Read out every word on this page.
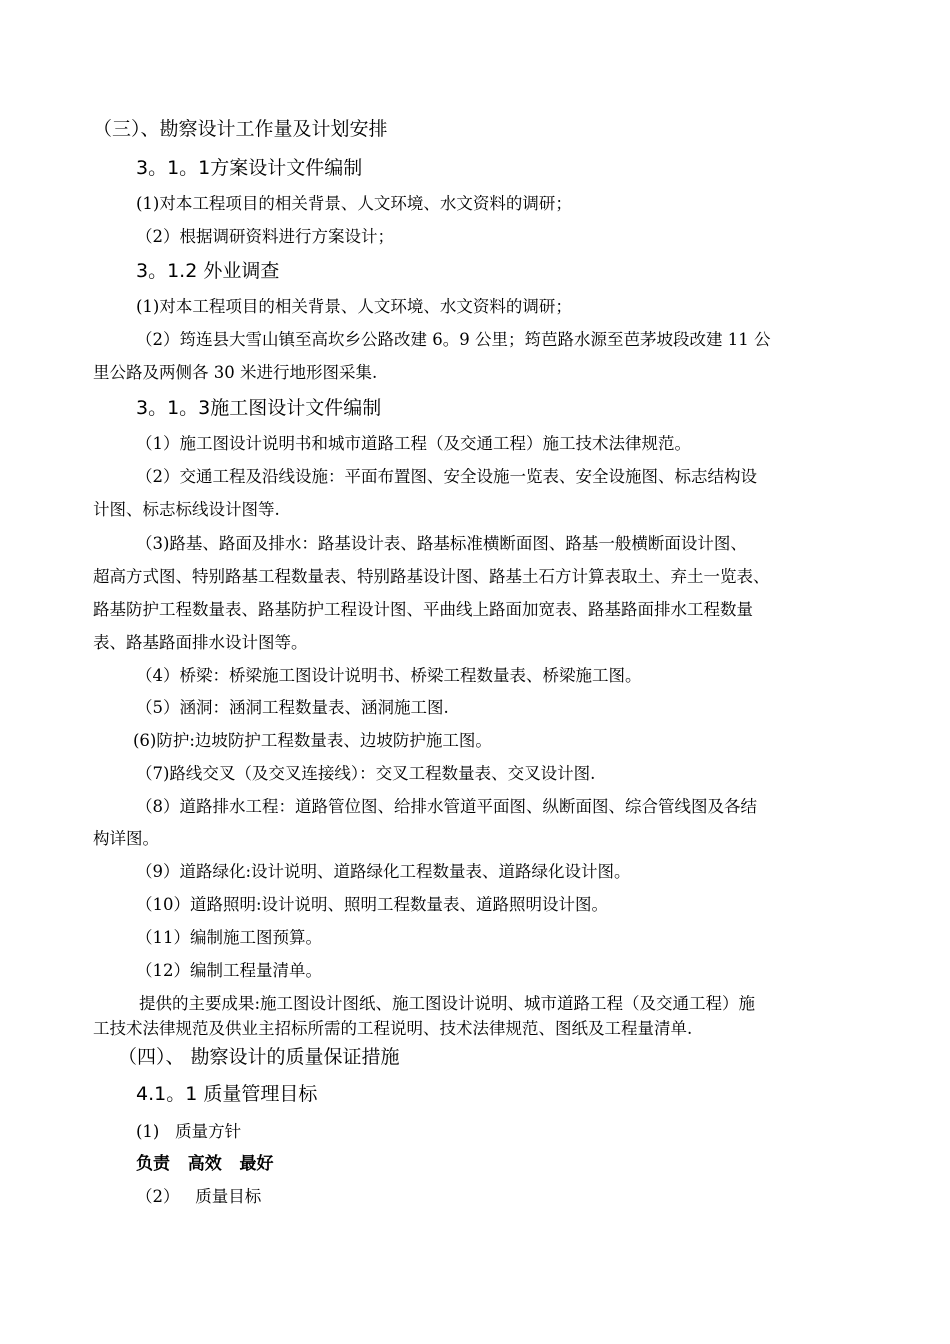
（三）、勘察设计工作量及计划安排
3。1。1方案设计文件编制
(1)对本工程项目的相关背景、人文环境、水文资料的调研；
（2）根据调研资料进行方案设计；
3。1.2 外业调查
(1)对本工程项目的相关背景、人文环境、水文资料的调研；
（2）筠连县大雪山镇至高坎乡公路改建 6。9 公里；筠芭路水源至芭茅坡段改建 11 公
里公路及两侧各 30 米进行地形图采集.
3。1。3施工图设计文件编制
（1）施工图设计说明书和城市道路工程（及交通工程）施工技术法律规范。
（2）交通工程及沿线设施：平面布置图、安全设施一览表、安全设施图、标志结构设
计图、标志标线设计图等.
（3)路基、路面及排水：路基设计表、路基标准横断面图、路基一般横断面设计图、
超高方式图、特别路基工程数量表、特别路基设计图、路基土石方计算表取土、弃土一览表、
路基防护工程数量表、路基防护工程设计图、平曲线上路面加宽表、路基路面排水工程数量
表、路基路面排水设计图等。
（4）桥梁：桥梁施工图设计说明书、桥梁工程数量表、桥梁施工图。
（5）涵洞：涵洞工程数量表、涵洞施工图.
(6)防护:边坡防护工程数量表、边坡防护施工图。
（7)路线交叉（及交叉连接线）：交叉工程数量表、交叉设计图.
（8）道路排水工程：道路管位图、给排水管道平面图、纵断面图、综合管线图及各结
构详图。
（9）道路绿化:设计说明、道路绿化工程数量表、道路绿化设计图。
（10）道路照明:设计说明、照明工程数量表、道路照明设计图。
（11）编制施工图预算。
（12）编制工程量清单。
提供的主要成果:施工图设计图纸、施工图设计说明、城市道路工程（及交通工程）施
工技术法律规范及供业主招标所需的工程说明、技术法律规范、图纸及工程量清单.
（四）、 勘察设计的质量保证措施
4.1。1 质量管理目标
(1)   质量方针
负责   高效   最好
（2）   质量目标
